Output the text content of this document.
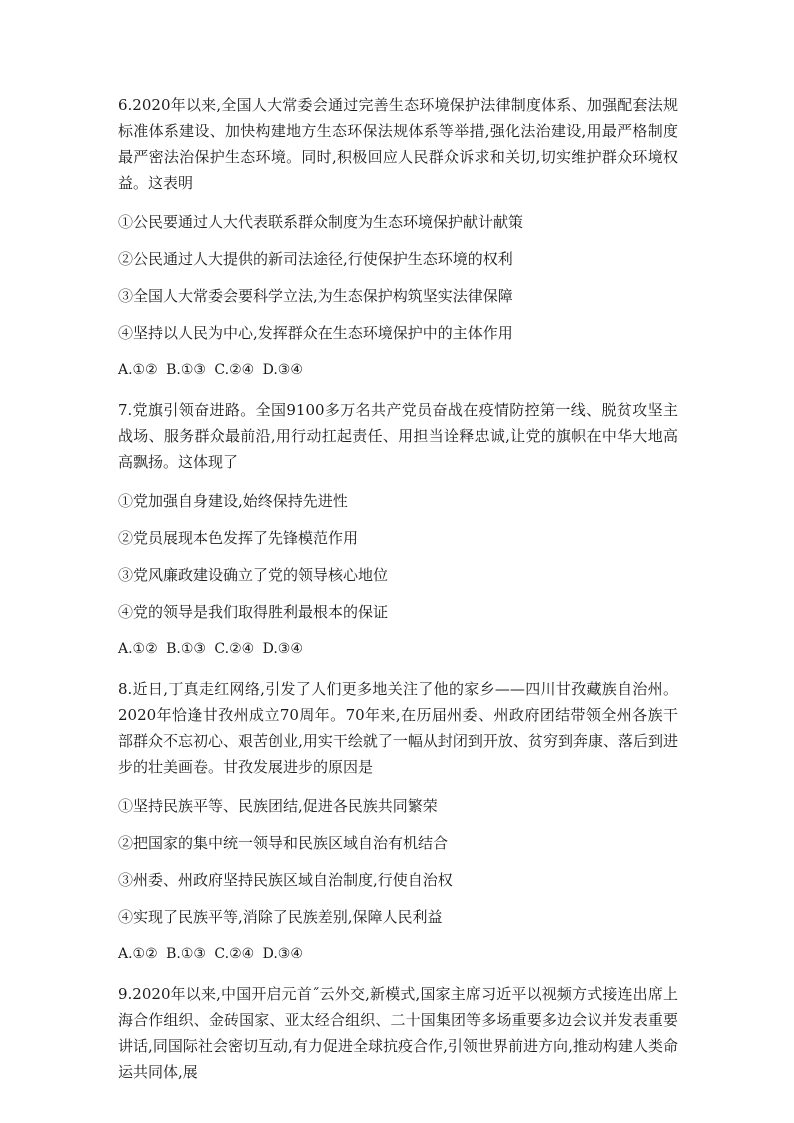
6.2020年以来,全国人大常委会通过完善生态环境保护法律制度体系、加强配套法规标准体系建设、加快构建地方生态环保法规体系等举措,强化法治建设,用最严格制度最严密法治保护生态环境。同时,积极回应人民群众诉求和关切,切实维护群众环境权益。这表明

①公民要通过人大代表联系群众制度为生态环境保护献计献策

②公民通过人大提供的新司法途径,行使保护生态环境的权利

③全国人大常委会要科学立法,为生态保护构筑坚实法律保障

④坚持以人民为中心,发挥群众在生态环境保护中的主体作用

A.①② B.①③ C.②④ D.③④

7.党旗引领奋进路。全国9100多万名共产党员奋战在疫情防控第一线、脱贫攻坚主战场、服务群众最前沿,用行动扛起责任、用担当诠释忠诚,让党的旗帜在中华大地高高飘扬。这体现了

①党加强自身建设,始终保持先进性

②党员展现本色发挥了先锋模范作用

③党风廉政建设确立了党的领导核心地位

④党的领导是我们取得胜利最根本的保证

A.①② B.①③ C.②④ D.③④

8.近日,丁真走红网络,引发了人们更多地关注了他的家乡——四川甘孜藏族自治州。2020年恰逢甘孜州成立70周年。70年来,在历届州委、州政府团结带领全州各族干部群众不忘初心、艰苦创业,用实干绘就了一幅从封闭到开放、贫穷到奔康、落后到进步的壮美画卷。甘孜发展进步的原因是

①坚持民族平等、民族团结,促进各民族共同繁荣

②把国家的集中统一领导和民族区域自治有机结合

③州委、州政府坚持民族区域自治制度,行使自治权

④实现了民族平等,消除了民族差别,保障人民利益

A.①② B.①③ C.②④ D.③④

9.2020年以来,中国开启元首˝云外交,新模式,国家主席习近平以视频方式接连出席上海合作组织、金砖国家、亚太经合组织、二十国集团等多场重要多边会议并发表重要讲话,同国际社会密切互动,有力促进全球抗疫合作,引领世界前进方向,推动构建人类命运共同体,展
